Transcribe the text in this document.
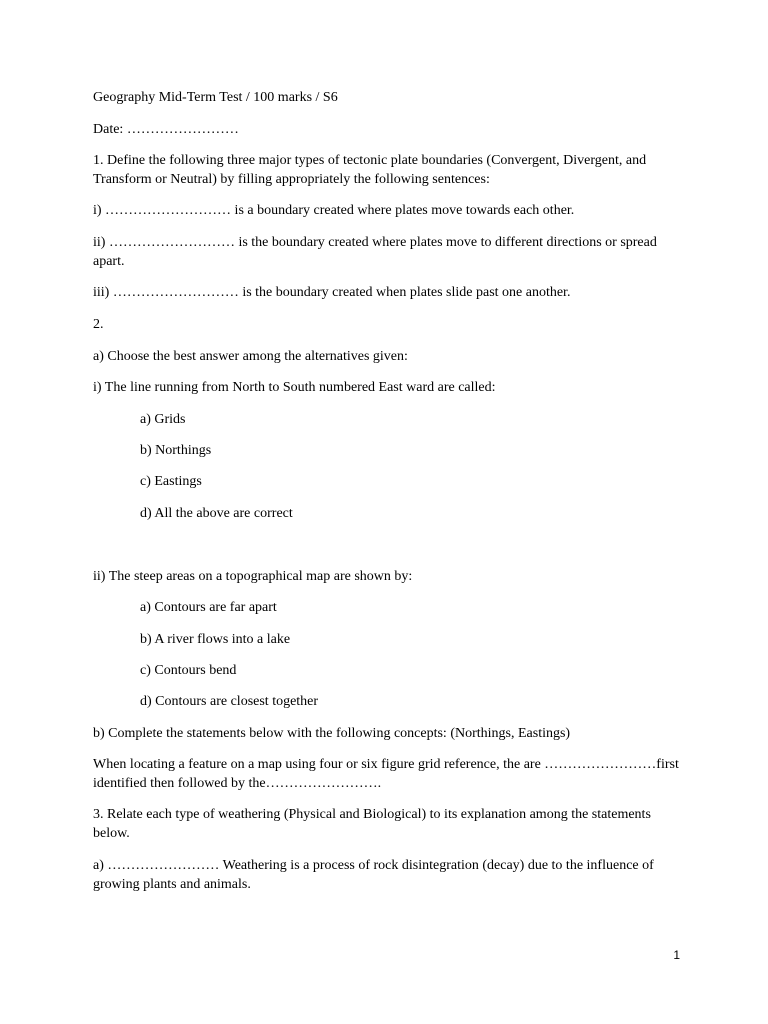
Geography Mid-Term Test / 100 marks / S6
Date: ……………………
1. Define the following three major types of tectonic plate boundaries (Convergent, Divergent, and Transform or Neutral) by filling appropriately the following sentences:
i) ……………………… is a boundary created where plates move towards each other.
ii) ……………………… is the boundary created where plates move to different directions or spread apart.
iii) ……………………… is the boundary created when plates slide past one another.
2.
a) Choose the best answer among the alternatives given:
i) The line running from North to South numbered East ward are called:
a) Grids
b) Northings
c) Eastings
d) All the above are correct
ii) The steep areas on a topographical map are shown by:
a) Contours are far apart
b) A river flows into a lake
c) Contours bend
d) Contours are closest together
b) Complete the statements below with the following concepts: (Northings, Eastings)
When locating a feature on a map using four or six figure grid reference, the are ……………………first identified then followed by the…………………….
3. Relate each type of weathering (Physical and Biological) to its explanation among the statements below.
a) …………………… Weathering is a process of rock disintegration (decay) due to the influence of growing plants and animals.
1
